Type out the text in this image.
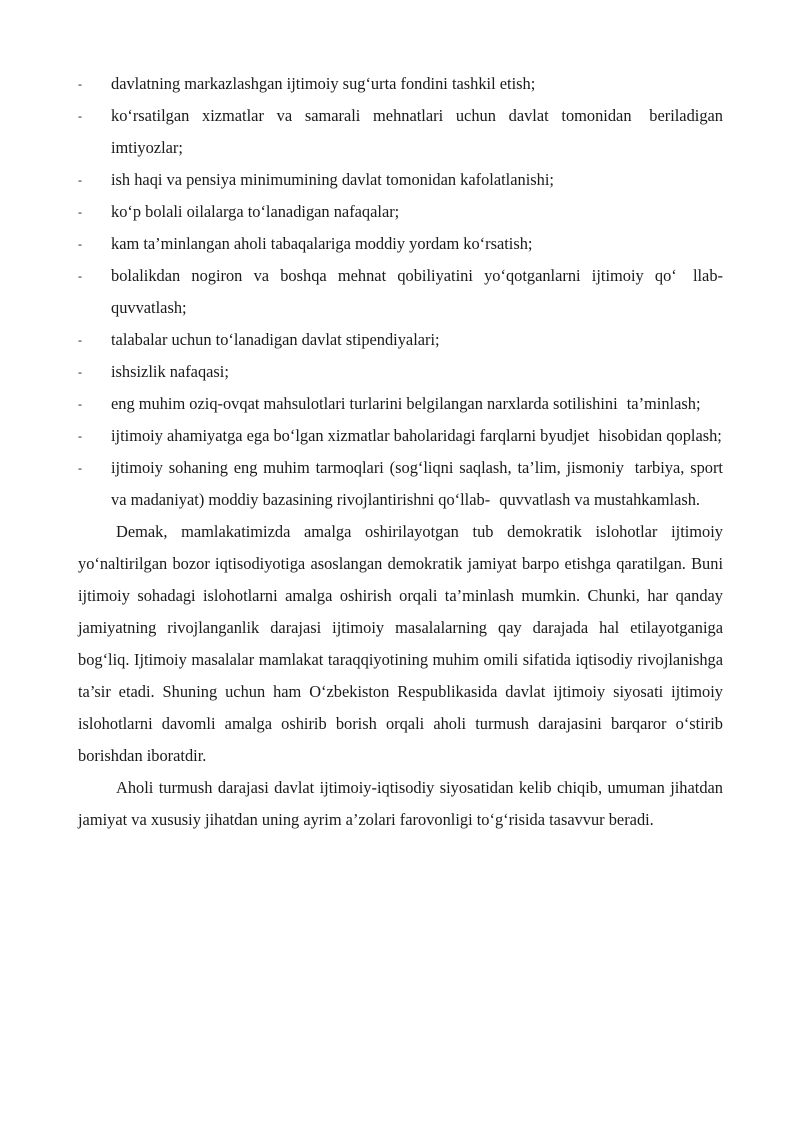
-	davlatning markazlashgan ijtimoiy sug‘urta fondini tashkil etish;
-	ko‘rsatilgan xizmatlar va samarali mehnatlari uchun davlat tomonidan beriladigan imtiyozlar;
-	ish haqi va pensiya minimumining davlat tomonidan kafolatlanishi;
-	ko‘p bolali oilalarga to‘lanadigan nafaqalar;
-	kam ta’minlangan aholi tabaqalariga moddiy yordam ko‘rsatish;
-	bolalikdan nogiron va boshqa mehnat qobiliyatini yo‘qotganlarni ijtimoiy qo‘ llab-quvvatlash;
-	talabalar uchun to‘lanadigan davlat stipendiyalari;
-	ishsizlik nafaqasi;
-	eng muhim oziq-ovqat mahsulotlari turlarini belgilangan narxlarda sotilishini ta’minlash;
-	ijtimoiy ahamiyatga ega bo‘lgan xizmatlar baholaridagi farqlarni byudjet hisobidan qoplash;
-	ijtimoiy sohaning eng muhim tarmoqlari (sog‘liqni saqlash, ta’lim, jismoniy tarbiya, sport va madaniyat) moddiy bazasining rivojlantirishni qo‘llab- quvvatlash va mustahkamlash.

Demak, mamlakatimizda amalga oshirilayotgan tub demokratik islohotlar ijtimoiy yo‘naltirilgan bozor iqtisodiyotiga asoslangan demokratik jamiyat barpo etishga qaratilgan. Buni ijtimoiy sohadagi islohotlarni amalga oshirish orqali ta’minlash mumkin. Chunki, har qanday jamiyatning rivojlanganlik darajasi ijtimoiy masalalarning qay darajada hal etilayotganiga bog‘liq. Ijtimoiy masalalar mamlakat taraqqiyotining muhim omili sifatida iqtisodiy rivojlanishga ta’sir etadi. Shuning uchun ham O‘zbekiston Respublikasida davlat ijtimoiy siyosati ijtimoiy islohotlarni davomli amalga oshirib borish orqali aholi turmush darajasini barqaror o‘stirib borishdan iboratdir.

Aholi turmush darajasi davlat ijtimoiy-iqtisodiy siyosatidan kelib chiqib, umuman jihatdan jamiyat va xususiy jihatdan uning ayrim a’zolari farovonligi to‘g‘risida tasavvur beradi.
